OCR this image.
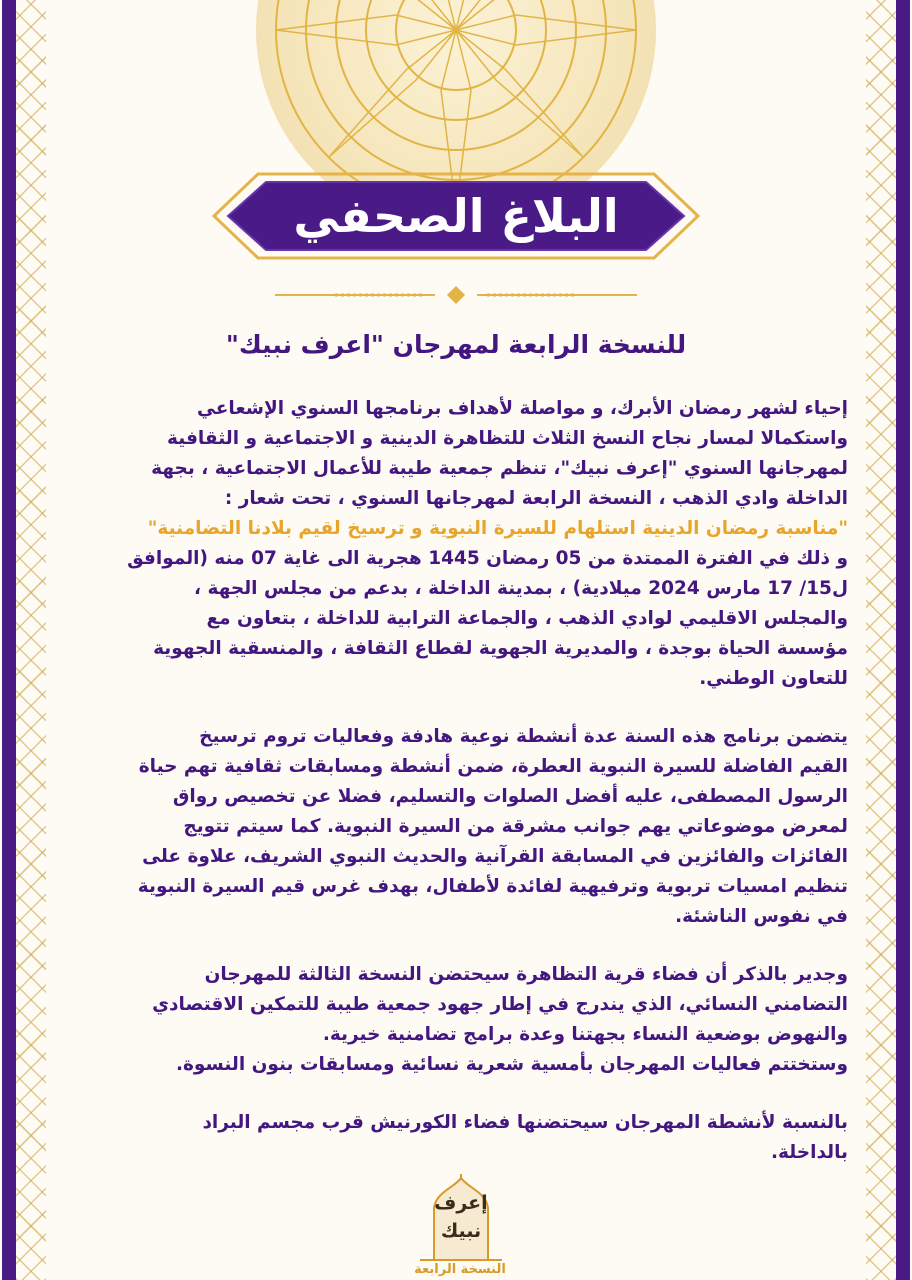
البلاغ الصحفي
للنسخة الرابعة لمهرجان "اعرف نبيك"

إحياء لشهر رمضان الأبرك، و مواصلة لأهداف برنامجها السنوي الإشعاعي
واستكمالا لمسار نجاح النسخ الثلاث للتظاهرة الدينية و الاجتماعية و الثقافية
لمهرجانها السنوي "إعرف نبيك"، تنظم جمعية طيبة للأعمال الاجتماعية ، بجهة
الداخلة وادي الذهب ، النسخة الرابعة لمهرجانها السنوي ، تحت شعار :
"مناسبة رمضان الدينية استلهام للسيرة النبوية و ترسيخ لقيم بلادنا التضامنية"
و ذلك في الفترة الممتدة من 05 رمضان 1445 هجرية الى غاية 07 منه (الموافق
ل15/ 17 مارس 2024 ميلادية) ، بمدينة الداخلة ، بدعم من مجلس الجهة ،
والمجلس الاقليمي لوادي الذهب ، والجماعة الترابية للداخلة ، بتعاون مع
مؤسسة الحياة بوجدة ، والمديرية الجهوية لقطاع الثقافة ، والمنسقية الجهوية
للتعاون الوطني.

يتضمن برنامج هذه السنة عدة أنشطة نوعية هادفة وفعاليات تروم ترسيخ
القيم الفاضلة للسيرة النبوية العطرة، ضمن أنشطة ومسابقات ثقافية تهم حياة
الرسول المصطفى، عليه أفضل الصلوات والتسليم، فضلا عن تخصيص رواق
لمعرض موضوعاتي يهم جوانب مشرقة من السيرة النبوية. كما سيتم تتويج
الفائزات والفائزين في المسابقة القرآنية والحديث النبوي الشريف، علاوة على
تنظيم امسيات تربوية وترفيهية لفائدة لأطفال، بهدف غرس قيم السيرة النبوية
في نفوس الناشئة.

وجدير بالذكر أن فضاء قرية التظاهرة سيحتضن النسخة الثالثة للمهرجان
التضامني النسائي، الذي يندرج في إطار جهود جمعية طيبة للتمكين الاقتصادي
والنهوض بوضعية النساء بجهتنا وعدة برامج تضامنية خيرية.
وستختتم فعاليات المهرجان بأمسية شعرية نسائية ومسابقات بنون النسوة.

بالنسبة لأنشطة المهرجان سيحتضنها فضاء الكورنيش قرب مجسم البراد
بالداخلة.

إعرف
نبيك
النسخة الرابعة
